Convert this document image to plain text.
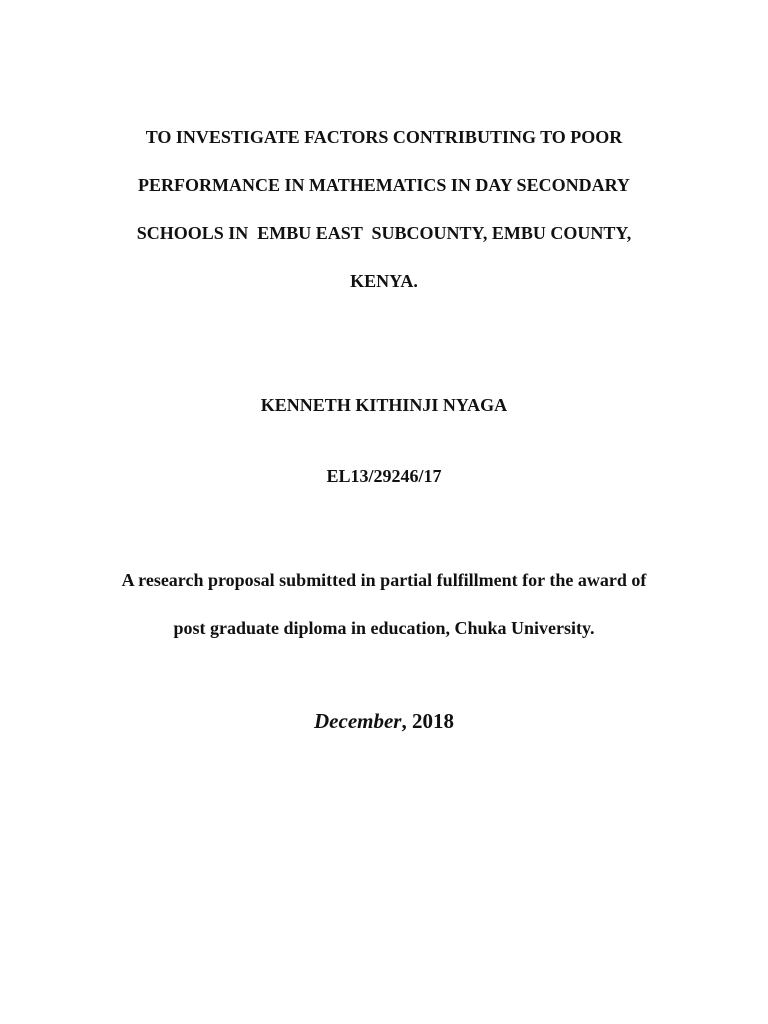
TO INVESTIGATE FACTORS CONTRIBUTING TO POOR
PERFORMANCE IN MATHEMATICS IN DAY SECONDARY
SCHOOLS IN  EMBU EAST  SUBCOUNTY, EMBU COUNTY,
KENYA.
KENNETH KITHINJI NYAGA
EL13/29246/17
A research proposal submitted in partial fulfillment for the award of
post graduate diploma in education, Chuka University.
December, 2018
